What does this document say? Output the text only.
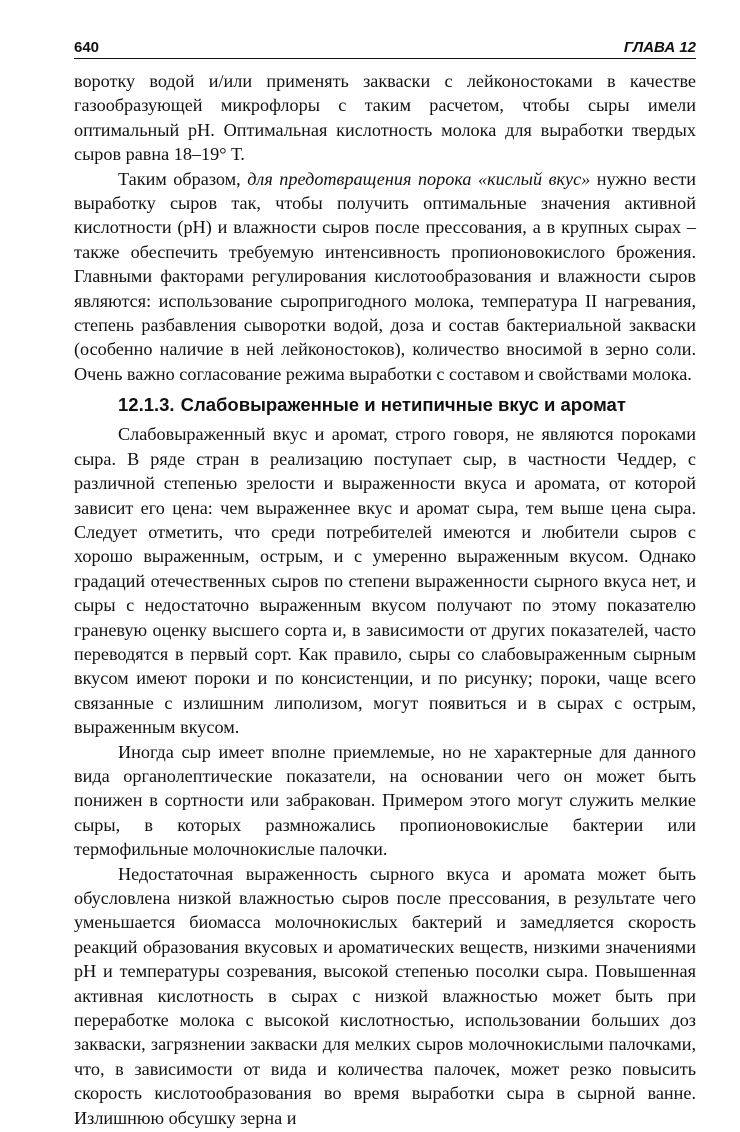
640	ГЛАВА 12

воротку водой и/или применять закваски с лейконостоками в качестве газообразующей микрофлоры с таким расчетом, чтобы сыры имели оптимальный pH. Оптимальная кислотность молока для выработки твердых сыров равна 18–19° Т.

Таким образом, для предотвращения порока «кислый вкус» нужно вести выработку сыров так, чтобы получить оптимальные значения активной кислотности (pH) и влажности сыров после прессования, а в крупных сырах – также обеспечить требуемую интенсивность пропионовокислого брожения. Главными факторами регулирования кислотообразования и влажности сыров являются: использование сыропригодного молока, температура II нагревания, степень разбавления сыворотки водой, доза и состав бактериальной закваски (особенно наличие в ней лейконостоков), количество вносимой в зерно соли. Очень важно согласование режима выработки с составом и свойствами молока.

12.1.3. Слабовыраженные и нетипичные вкус и аромат

Слабовыраженный вкус и аромат, строго говоря, не являются пороками сыра. В ряде стран в реализацию поступает сыр, в частности Чеддер, с различной степенью зрелости и выраженности вкуса и аромата, от которой зависит его цена: чем выраженнее вкус и аромат сыра, тем выше цена сыра. Следует отметить, что среди потребителей имеются и любители сыров с хорошо выраженным, острым, и с умеренно выраженным вкусом. Однако градаций отечественных сыров по степени выраженности сырного вкуса нет, и сыры с недостаточно выраженным вкусом получают по этому показателю граневую оценку высшего сорта и, в зависимости от других показателей, часто переводятся в первый сорт. Как правило, сыры со слабовыраженным сырным вкусом имеют пороки и по консистенции, и по рисунку; пороки, чаще всего связанные с излишним липолизом, могут появиться и в сырах с острым, выраженным вкусом.

Иногда сыр имеет вполне приемлемые, но не характерные для данного вида органолептические показатели, на основании чего он может быть понижен в сортности или забракован. Примером этого могут служить мелкие сыры, в которых размножались пропионовокислые бактерии или термофильные молочнокислые палочки.

Недостаточная выраженность сырного вкуса и аромата может быть обусловлена низкой влажностью сыров после прессования, в результате чего уменьшается биомасса молочнокислых бактерий и замедляется скорость реакций образования вкусовых и ароматических веществ, низкими значениями pH и температуры созревания, высокой степенью посолки сыра. Повышенная активная кислотность в сырах с низкой влажностью может быть при переработке молока с высокой кислотностью, использовании больших доз закваски, загрязнении закваски для мелких сыров молочнокислыми палочками, что, в зависимости от вида и количества палочек, может резко повысить скорость кислотообразования во время выработки сыра в сырной ванне. Излишнюю обсушку зерна и
